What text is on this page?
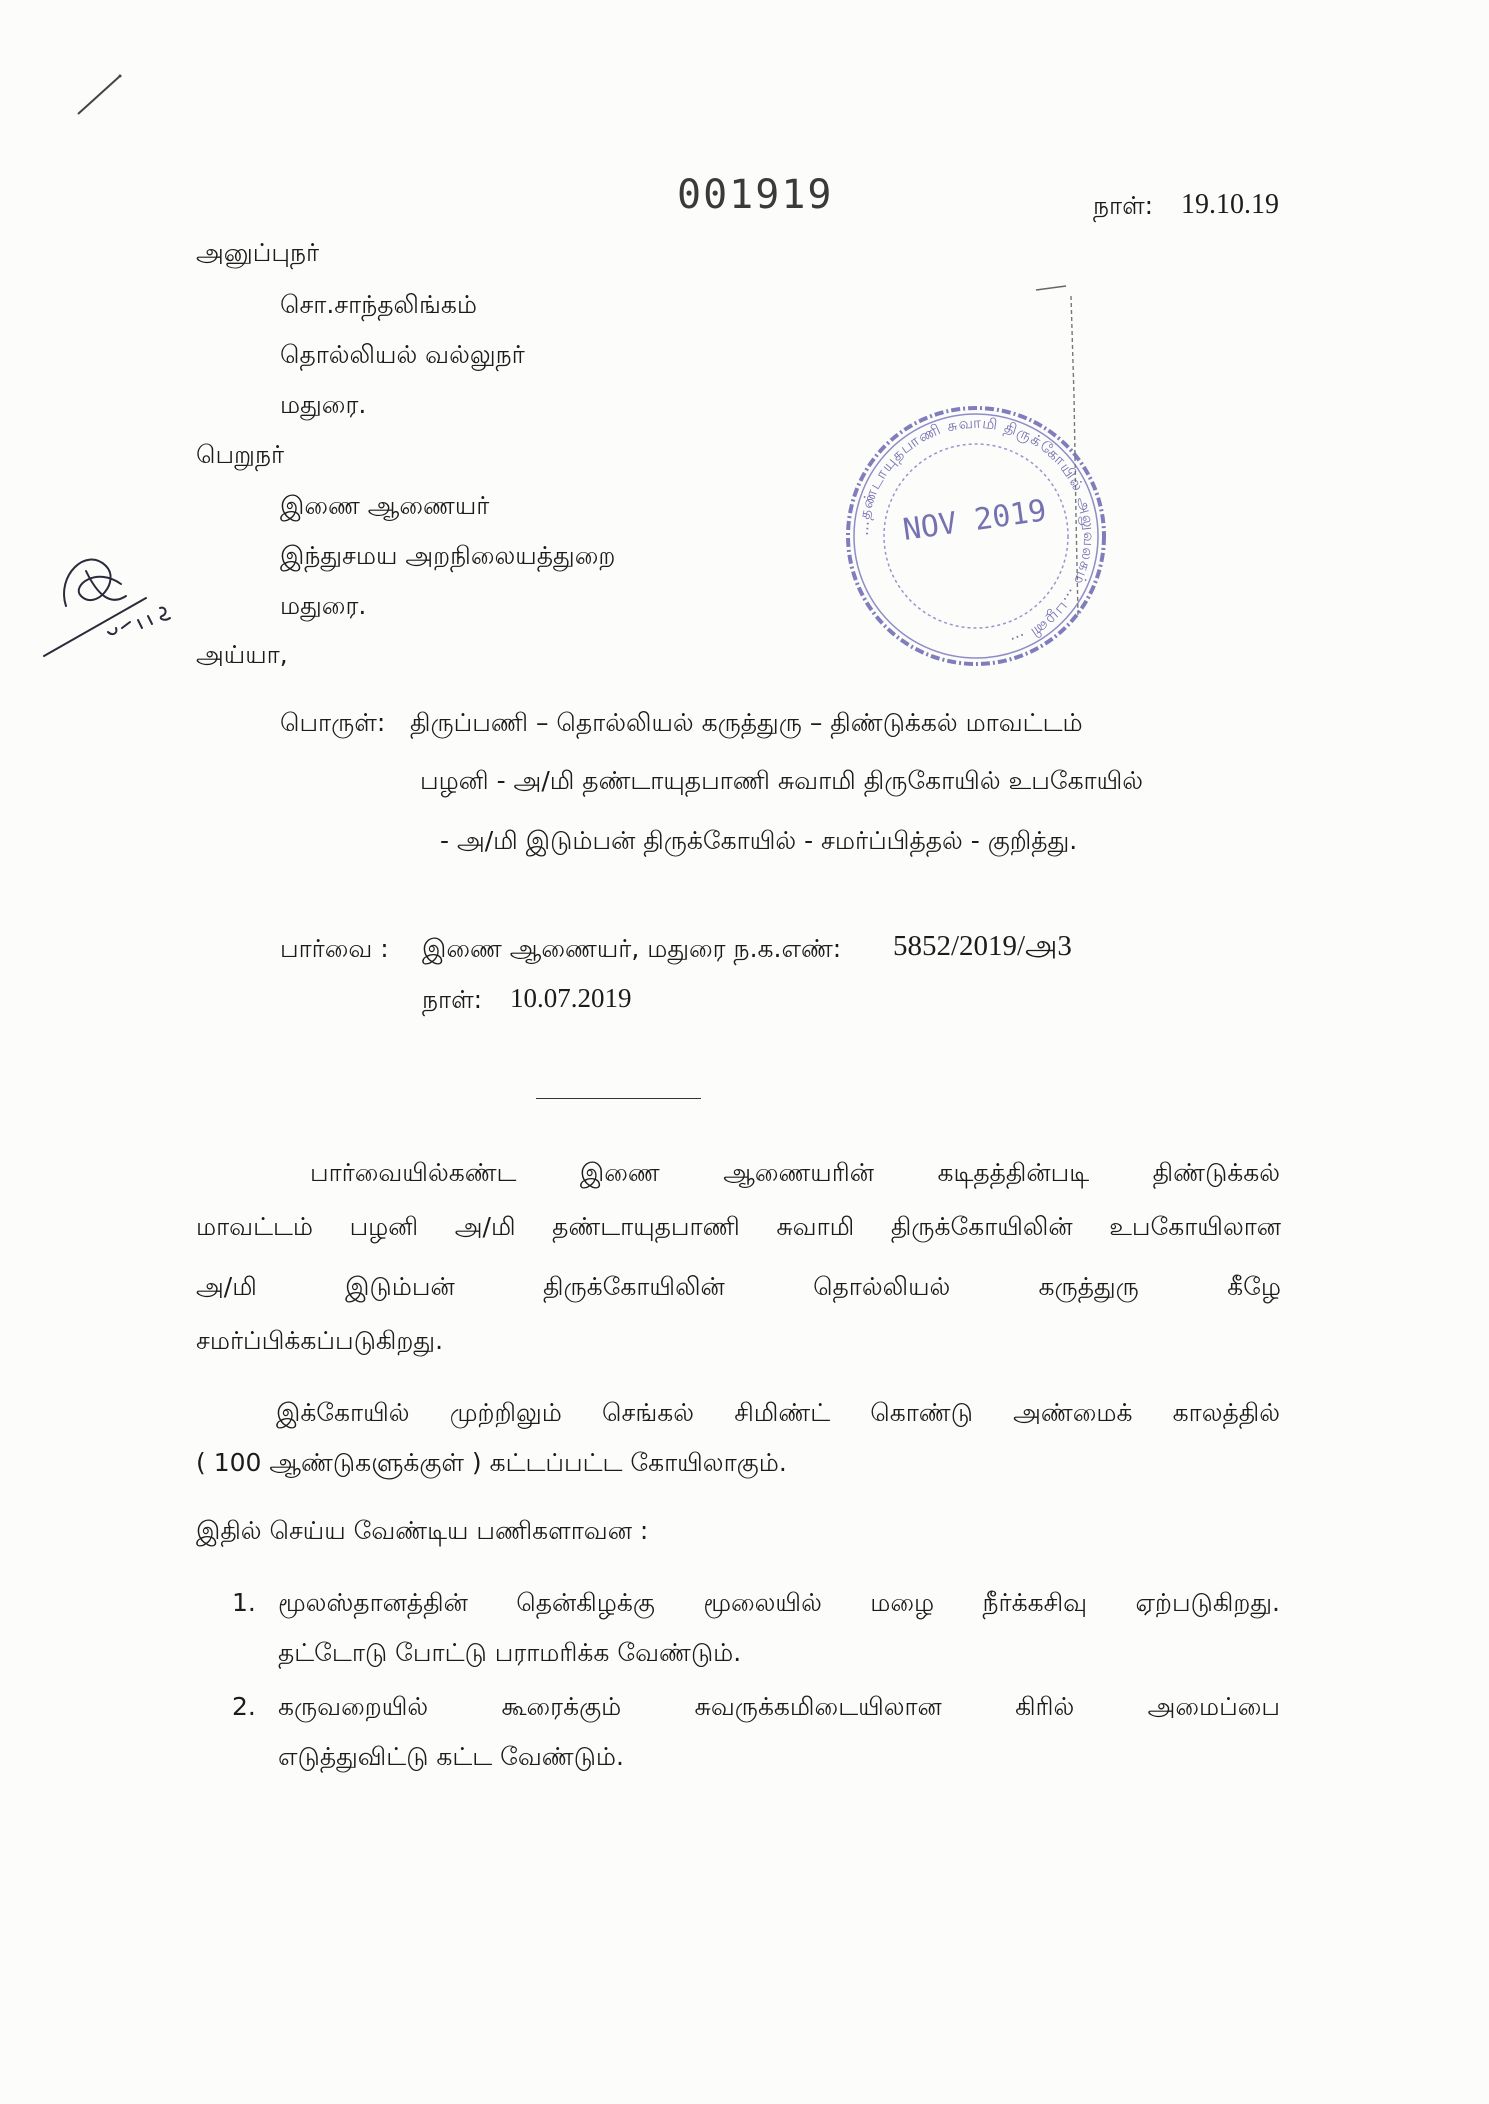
001919	நாள்: 19.10.19
அனுப்புநர்
சொ.சாந்தலிங்கம்
தொல்லியல் வல்லுநர்
மதுரை.
பெறுநர்
இணை ஆணையர்
இந்துசமய அறநிலையத்துறை
மதுரை.
அய்யா,
பொருள்: திருப்பணி – தொல்லியல் கருத்துரு – திண்டுக்கல் மாவட்டம்
பழனி - அ/மி தண்டாயுதபாணி சுவாமி திருகோயில் உபகோயில்
- அ/மி இடும்பன் திருக்கோயில் - சமர்ப்பித்தல் - குறித்து.
பார்வை : இணை ஆணையர், மதுரை ந.க.எண்: 5852/2019/அ3
நாள்: 10.07.2019
பார்வையில்கண்ட இணை ஆணையரின் கடிதத்தின்படி திண்டுக்கல்
மாவட்டம் பழனி அ/மி தண்டாயுதபாணி சுவாமி திருக்கோயிலின் உபகோயிலான
அ/மி இடும்பன் திருக்கோயிலின் தொல்லியல் கருத்துரு கீழே
சமர்ப்பிக்கப்படுகிறது.
இக்கோயில் முற்றிலும் செங்கல் சிமிண்ட் கொண்டு அண்மைக் காலத்தில்
( 100 ஆண்டுகளுக்குள் ) கட்டப்பட்ட கோயிலாகும்.
இதில் செய்ய வேண்டிய பணிகளாவன :
1. மூலஸ்தானத்தின் தென்கிழக்கு மூலையில் மழை நீர்க்கசிவு ஏற்படுகிறது.
தட்டோடு போட்டு பராமரிக்க வேண்டும்.
2. கருவறையில் கூரைக்கும் சுவருக்கமிடையிலான கிரில் அமைப்பை
எடுத்துவிட்டு கட்ட வேண்டும்.
…தண்டாயுதபாணி சுவாமி திருக்கோயில் அலுவலகம் …பழனி …
NOV 2019
5.11.19
